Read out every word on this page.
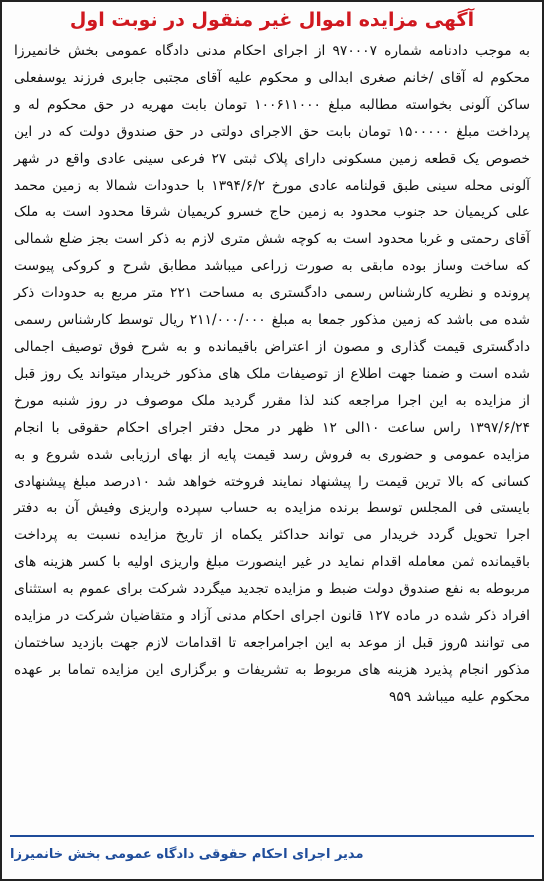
آگهی مزایده اموال غیر منقول در نوبت اول
به موجب دادنامه شماره ۹۷۰۰۰۷ از اجرای احکام مدنی دادگاه عمومی بخش خانمیرزا محکوم له آقای /خانم صغری ابدالی و محکوم علیه آقای مجتبی جابری فرزند یوسفعلی ساکن آلونی بخواسته مطالبه مبلغ ۱۰۰۶۱۱۰۰۰ تومان بابت مهریه در حق محکوم له و پرداخت مبلغ ۱۵۰۰۰۰۰ تومان بابت حق الاجرای دولتی در حق صندوق دولت که در این خصوص یک قطعه زمین مسکونی دارای پلاک ثبتی ۲۷ فرعی سینی عادی واقع در شهر آلونی محله سینی طبق قولنامه عادی مورخ ۱۳۹۴/۶/۲ با حدودات شمالا به زمین محمد علی کریمیان حد جنوب محدود به زمین حاج خسرو کریمیان شرقا محدود است به ملک آقای رحمتی و غربا محدود است به کوچه شش متری لازم به ذکر است بجز ضلع شمالی که ساخت وساز بوده مابقی به صورت زراعی میباشد مطابق شرح و کروکی پیوست پرونده و نظریه کارشناس رسمی دادگستری به مساحت ۲۲۱ متر مربع به حدودات ذکر شده می باشد که زمین مذکور جمعا به مبلغ ۲۱۱/۰۰۰/۰۰۰ ریال توسط کارشناس رسمی دادگستری قیمت گذاری و مصون از اعتراض باقیمانده و به شرح فوق توصیف اجمالی شده است و ضمنا جهت اطلاع از توصیفات ملک های مذکور خریدار میتواند یک روز قبل از مزایده به این اجرا مراجعه کند لذا مقرر گردید ملک موصوف در روز شنبه مورخ ۱۳۹۷/۶/۲۴ راس ساعت ۱۰الی ۱۲ ظهر در محل دفتر اجرای احکام حقوقی با انجام مزایده عمومی و حضوری به فروش رسد قیمت پایه از بهای ارزیابی شده شروع و به کسانی که بالا ترین قیمت را پیشنهاد نمایند فروخته خواهد شد ۱۰درصد مبلغ پیشنهادی بایستی فی المجلس توسط برنده مزایده به حساب سپرده واریزی وفیش آن به دفتر اجرا تحویل گردد خریدار می تواند حداکثر یکماه از تاریخ مزایده نسبت به پرداخت باقیمانده ثمن معامله اقدام نماید در غیر اینصورت مبلغ واریزی اولیه با کسر هزینه های مربوطه به نفع صندوق دولت ضبط و مزایده تجدید میگردد شرکت برای عموم به استثنای افراد ذکر شده در ماده ۱۲۷ قانون اجرای احکام مدنی آزاد و متقاضیان شرکت در مزایده می توانند ۵روز قبل از موعد به این اجرامراجعه تا اقدامات لازم جهت بازدید ساختمان مذکور انجام پذیرد هزینه های مربوط به تشریفات و برگزاری این مزایده تماما بر عهده محکوم علیه میباشد ۹۵۹
مدیر اجرای احکام حقوقی دادگاه عمومی بخش خانمیرزا
